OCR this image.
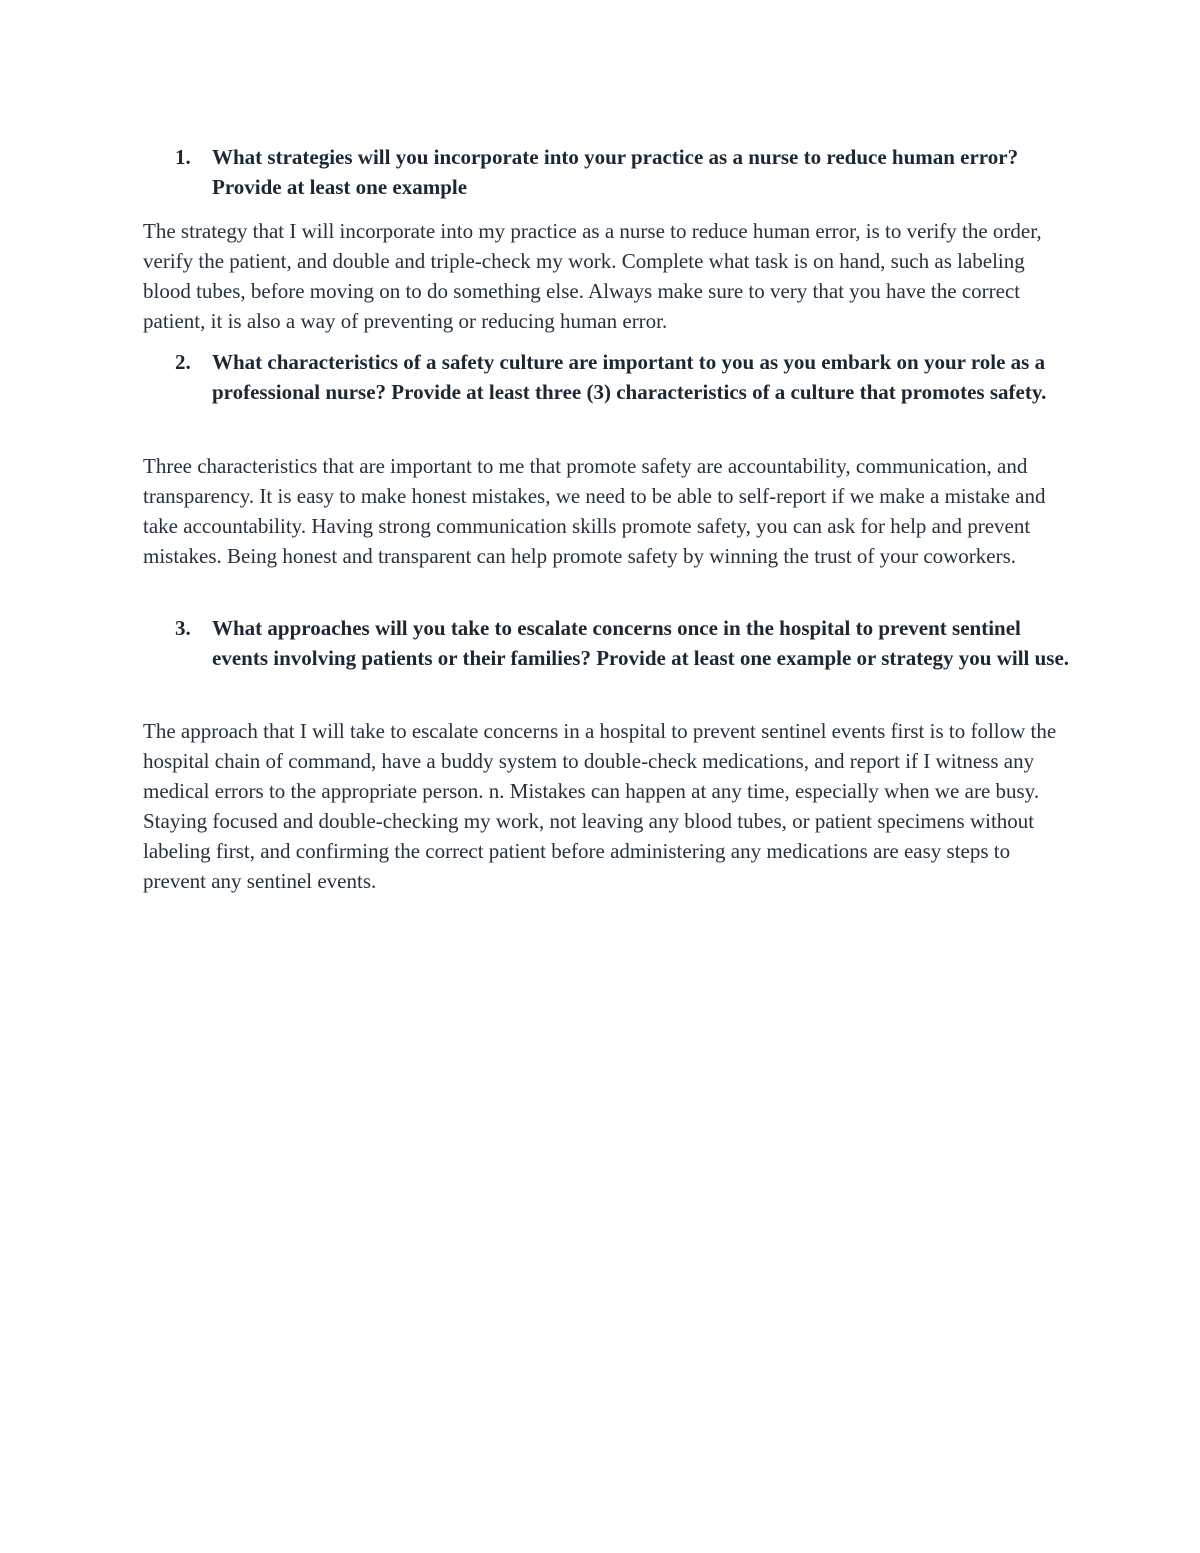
1.	What strategies will you incorporate into your practice as a nurse to reduce human error? Provide at least one example
The strategy that I will incorporate into my practice as a nurse to reduce human error, is to verify the order, verify the patient, and double and triple-check my work. Complete what task is on hand, such as labeling blood tubes, before moving on to do something else. Always make sure to very that you have the correct patient, it is also a way of preventing or reducing human error.
2.	What characteristics of a safety culture are important to you as you embark on your role as a professional nurse? Provide at least three (3) characteristics of a culture that promotes safety.
Three characteristics that are important to me that promote safety are accountability, communication, and transparency. It is easy to make honest mistakes, we need to be able to self-report if we make a mistake and take accountability. Having strong communication skills promote safety, you can ask for help and prevent mistakes. Being honest and transparent can help promote safety by winning the trust of your coworkers.
3.	What approaches will you take to escalate concerns once in the hospital to prevent sentinel events involving patients or their families? Provide at least one example or strategy you will use.
The approach that I will take to escalate concerns in a hospital to prevent sentinel events first is to follow the hospital chain of command, have a buddy system to double-check medications, and report if I witness any medical errors to the appropriate person. n. Mistakes can happen at any time, especially when we are busy. Staying focused and double-checking my work, not leaving any blood tubes, or patient specimens without labeling first, and confirming the correct patient before administering any medications are easy steps to prevent any sentinel events.
